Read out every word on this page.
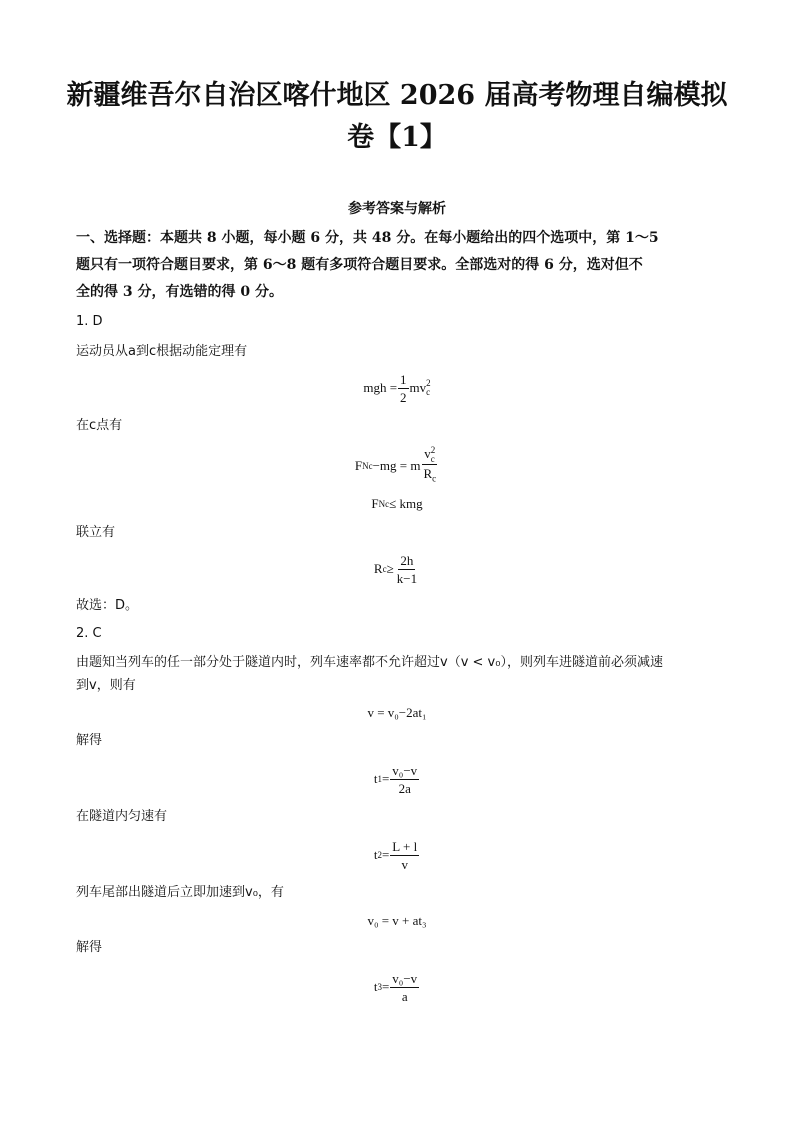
新疆维吾尔自治区喀什地区 2026 届高考物理自编模拟
卷【1】
参考答案与解析
一、选择题：本题共 8 小题，每小题 6 分，共 48 分。在每小题给出的四个选项中，第 1～5
题只有一项符合题目要求，第 6～8 题有多项符合题目要求。全部选对的得 6 分，选对但不
全的得 3 分，有选错的得 0 分。
1. D
运动员从a到c根据动能定理有
mgh = $\frac{1}{2}$ mv 2
c
在c点有
F Nc −mg = m v 2
c
$R_c$
F Nc ≤ kmg
联立有
R $c \ge \frac{2h}{k-1}$
故选：D。
2. C
由题知当列车的任一部分处于隧道内时，列车速率都不允许超过v（v < v₀），则列车进隧道前必须减速
到v，则有
v = v₀−2at₁
解得
t $1 = \frac{\text{v₀−v}}{2a}$
在隧道内匀速有
t $2 = \frac{L + l}{v}$
列车尾部出隧道后立即加速到v₀，有
v₀ = v + at₃
解得
t $3 = \frac{\text{v₀−v}}{a}$
